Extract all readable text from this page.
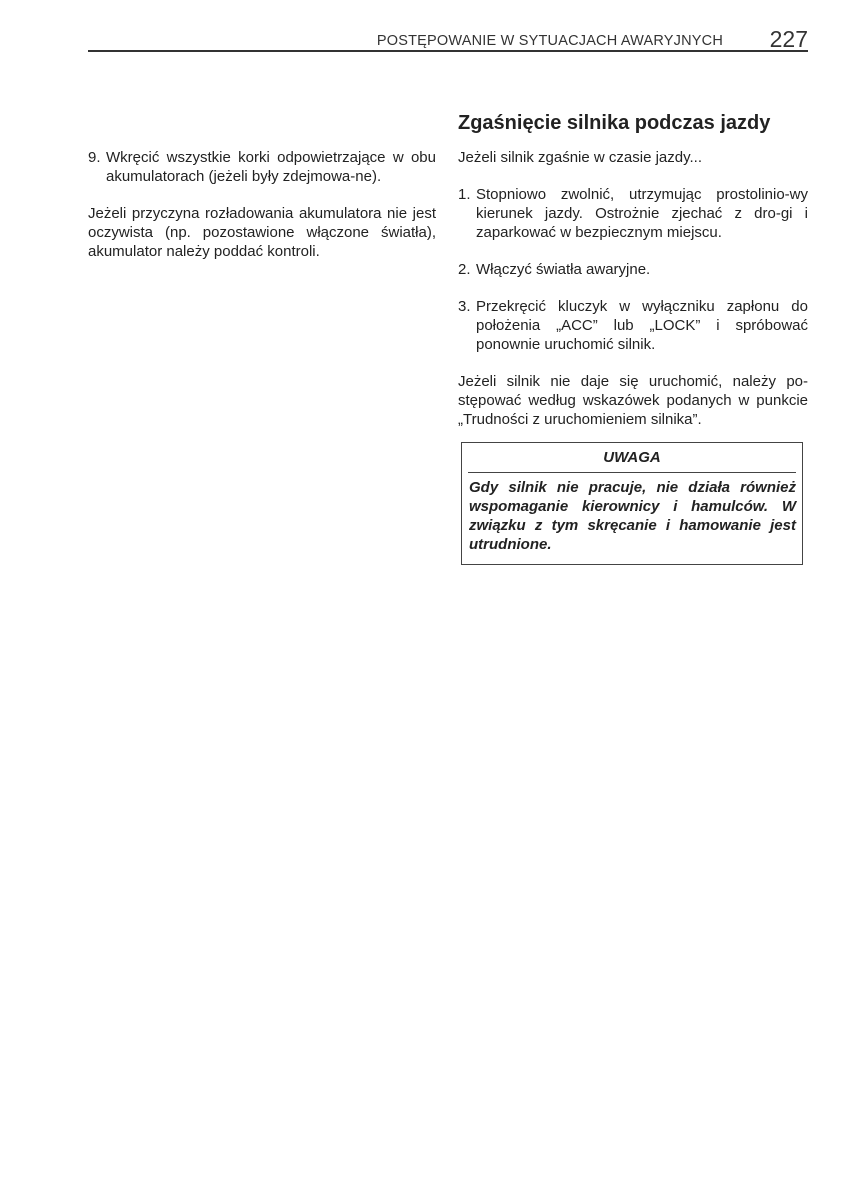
POSTĘPOWANIE W SYTUACJACH AWARYJNYCH 227
9. Wkręcić wszystkie korki odpowietrzające w obu akumulatorach (jeżeli były zdejmowa-ne).

Jeżeli przyczyna rozładowania akumulatora nie jest oczywista (np. pozostawione włączone światła), akumulator należy poddać kontroli.

Zgaśnięcie silnika podczas jazdy

Jeżeli silnik zgaśnie w czasie jazdy...

1. Stopniowo zwolnić, utrzymując prostolinio-wy kierunek jazdy. Ostrożnie zjechać z dro-gi i zaparkować w bezpiecznym miejscu.
2. Włączyć światła awaryjne.
3. Przekręcić kluczyk w wyłączniku zapłonu do położenia „ACC” lub „LOCK” i spróbować ponownie uruchomić silnik.

Jeżeli silnik nie daje się uruchomić, należy po-stępować według wskazówek podanych w punkcie „Trudności z uruchomieniem silnika”.

UWAGA
Gdy silnik nie pracuje, nie działa również wspomaganie kierownicy i hamulców. W związku z tym skręcanie i hamowanie jest utrudnione.
